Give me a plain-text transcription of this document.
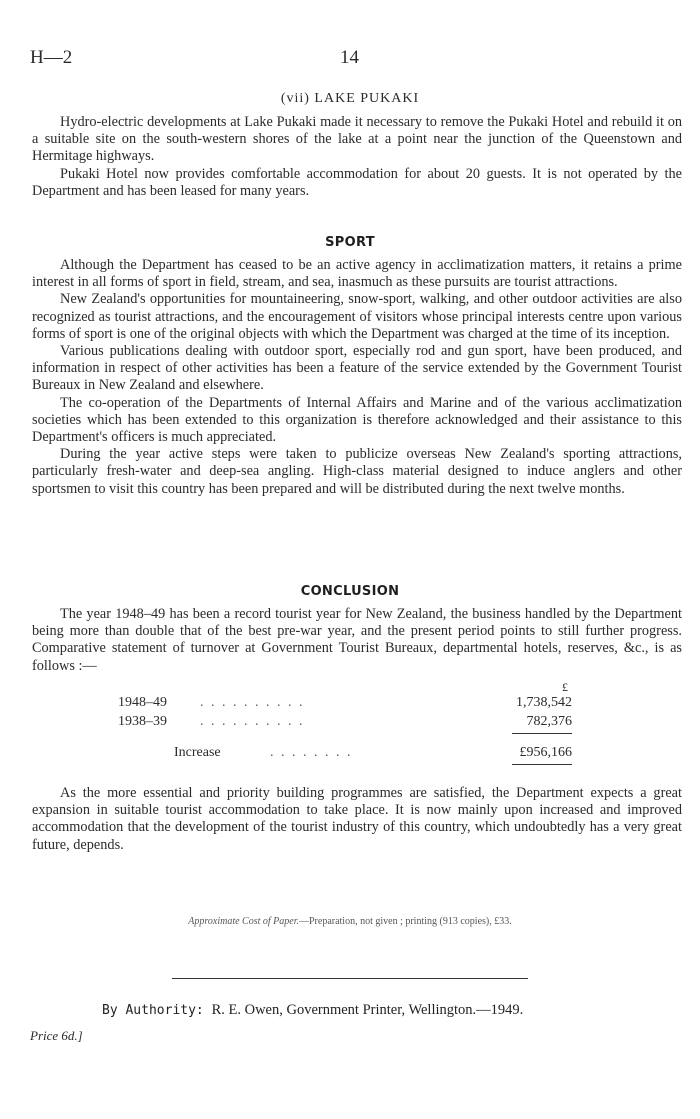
H—2	14
(vii) LAKE PUKAKI

Hydro-electric developments at Lake Pukaki made it necessary to remove the Pukaki Hotel and rebuild it on a suitable site on the south-western shores of the lake at a point near the junction of the Queenstown and Hermitage highways.

Pukaki Hotel now provides comfortable accommodation for about 20 guests. It is not operated by the Department and has been leased for many years.

SPORT

Although the Department has ceased to be an active agency in acclimatization matters, it retains a prime interest in all forms of sport in field, stream, and sea, inasmuch as these pursuits are tourist attractions.

New Zealand's opportunities for mountaineering, snow-sport, walking, and other outdoor activities are also recognized as tourist attractions, and the encouragement of visitors whose principal interests centre upon various forms of sport is one of the original objects with which the Department was charged at the time of its inception.

Various publications dealing with outdoor sport, especially rod and gun sport, have been produced, and information in respect of other activities has been a feature of the service extended by the Government Tourist Bureaux in New Zealand and elsewhere.

The co-operation of the Departments of Internal Affairs and Marine and of the various acclimatization societies which has been extended to this organization is therefore acknowledged and their assistance to this Department's officers is much appreciated.

During the year active steps were taken to publicize overseas New Zealand's sporting attractions, particularly fresh-water and deep-sea angling. High-class material designed to induce anglers and other sportsmen to visit this country has been prepared and will be distributed during the next twelve months.

CONCLUSION

The year 1948–49 has been a record tourist year for New Zealand, the business handled by the Department being more than double that of the best pre-war year, and the present period points to still further progress. Comparative statement of turnover at Government Tourist Bureaux, departmental hotels, reserves, &c., is as follows :—

£
1948–49 . . . . . . . . . .	1,738,542
1938–39 . . . . . . . . . .	782,376
Increase	. . . . . . . .	£956,166

As the more essential and priority building programmes are satisfied, the Department expects a great expansion in suitable tourist accommodation to take place. It is now mainly upon increased and improved accommodation that the development of the tourist industry of this country, which undoubtedly has a very great future, depends.

Approximate Cost of Paper.—Preparation, not given ; printing (913 copies), £33.
By Authority: R. E. Owen, Government Printer, Wellington.—1949.
Price 6d.]
